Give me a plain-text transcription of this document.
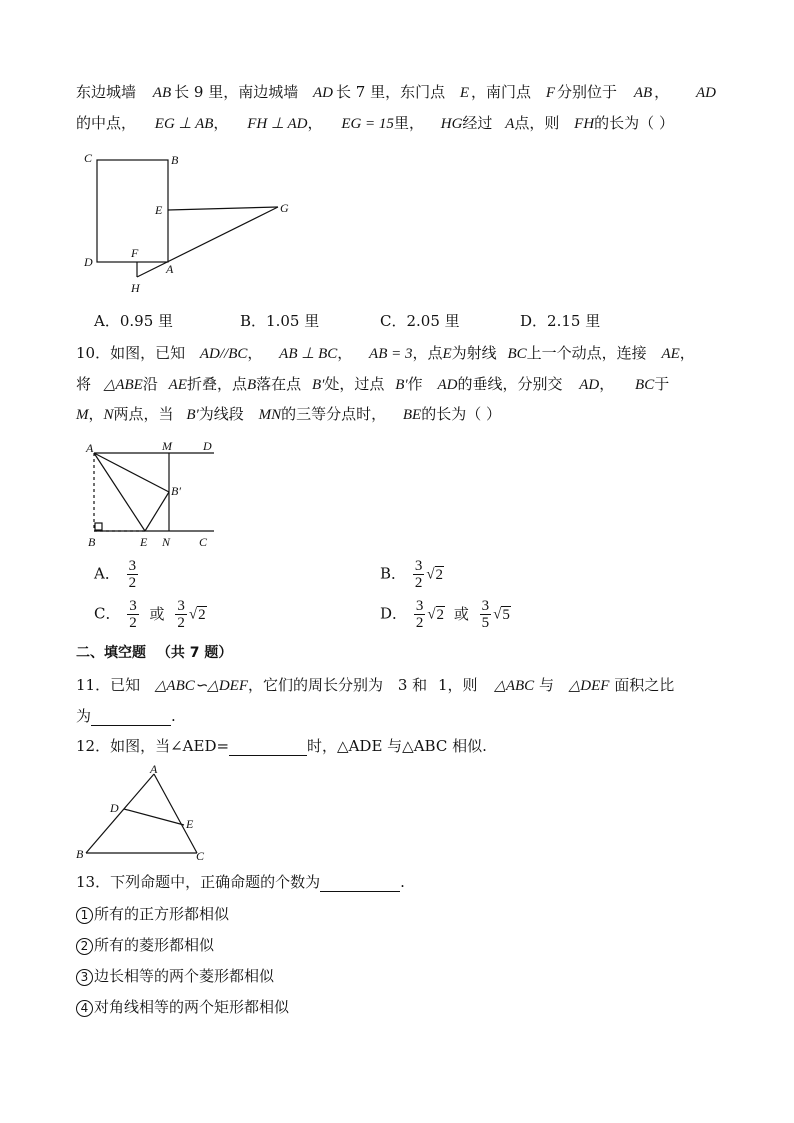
东边城墙 AB 长 9 里，南边城墙 AD 长 7 里，东门点 E ，南门点 F 分别位于 AB ， AD
的中点， EG ⊥ AB， FH ⊥ AD， EG = 15里， HG经过 A点，则 FH的长为（ ）
C	B
E	G
D
F
A
H
A．0.95 里	B．1.05 里	C．2.05 里	D．2.15 里
10．如图，已知 AD//BC， AB ⊥ BC， AB = 3，点E为射线 BC上一个动点，连接 AE，
将 △ABE沿 AE折叠，点B落在点 B′处，过点 B′作 AD的垂线，分别交 AD， BC于
M，N两点，当 B′为线段 MN的三等分点时， BE的长为（ ）
A	M	D
B′
B	E N C
A． $\frac{3}{2}$	B． $\frac{3}{2} √2$
C． $\frac{3}{2}$ 或 $\frac{3}{2} √2$	D． $\frac{3}{2} √2$ 或 $\frac{3}{5} √5$
二、填空题 （共 7 题）
11．已知 △ABC∽△DEF，它们的周长分别为 3 和 1，则 △ABC 与 △DEF 面积之比
为	.
12．如图，当∠AED=	时，△ADE 与△ABC 相似.
A
D
E
B	C
13．下列命题中，正确命题的个数为	.
1 所有的正方形都相似
2 所有的菱形都相似
3 边长相等的两个菱形都相似
4 对角线相等的两个矩形都相似
